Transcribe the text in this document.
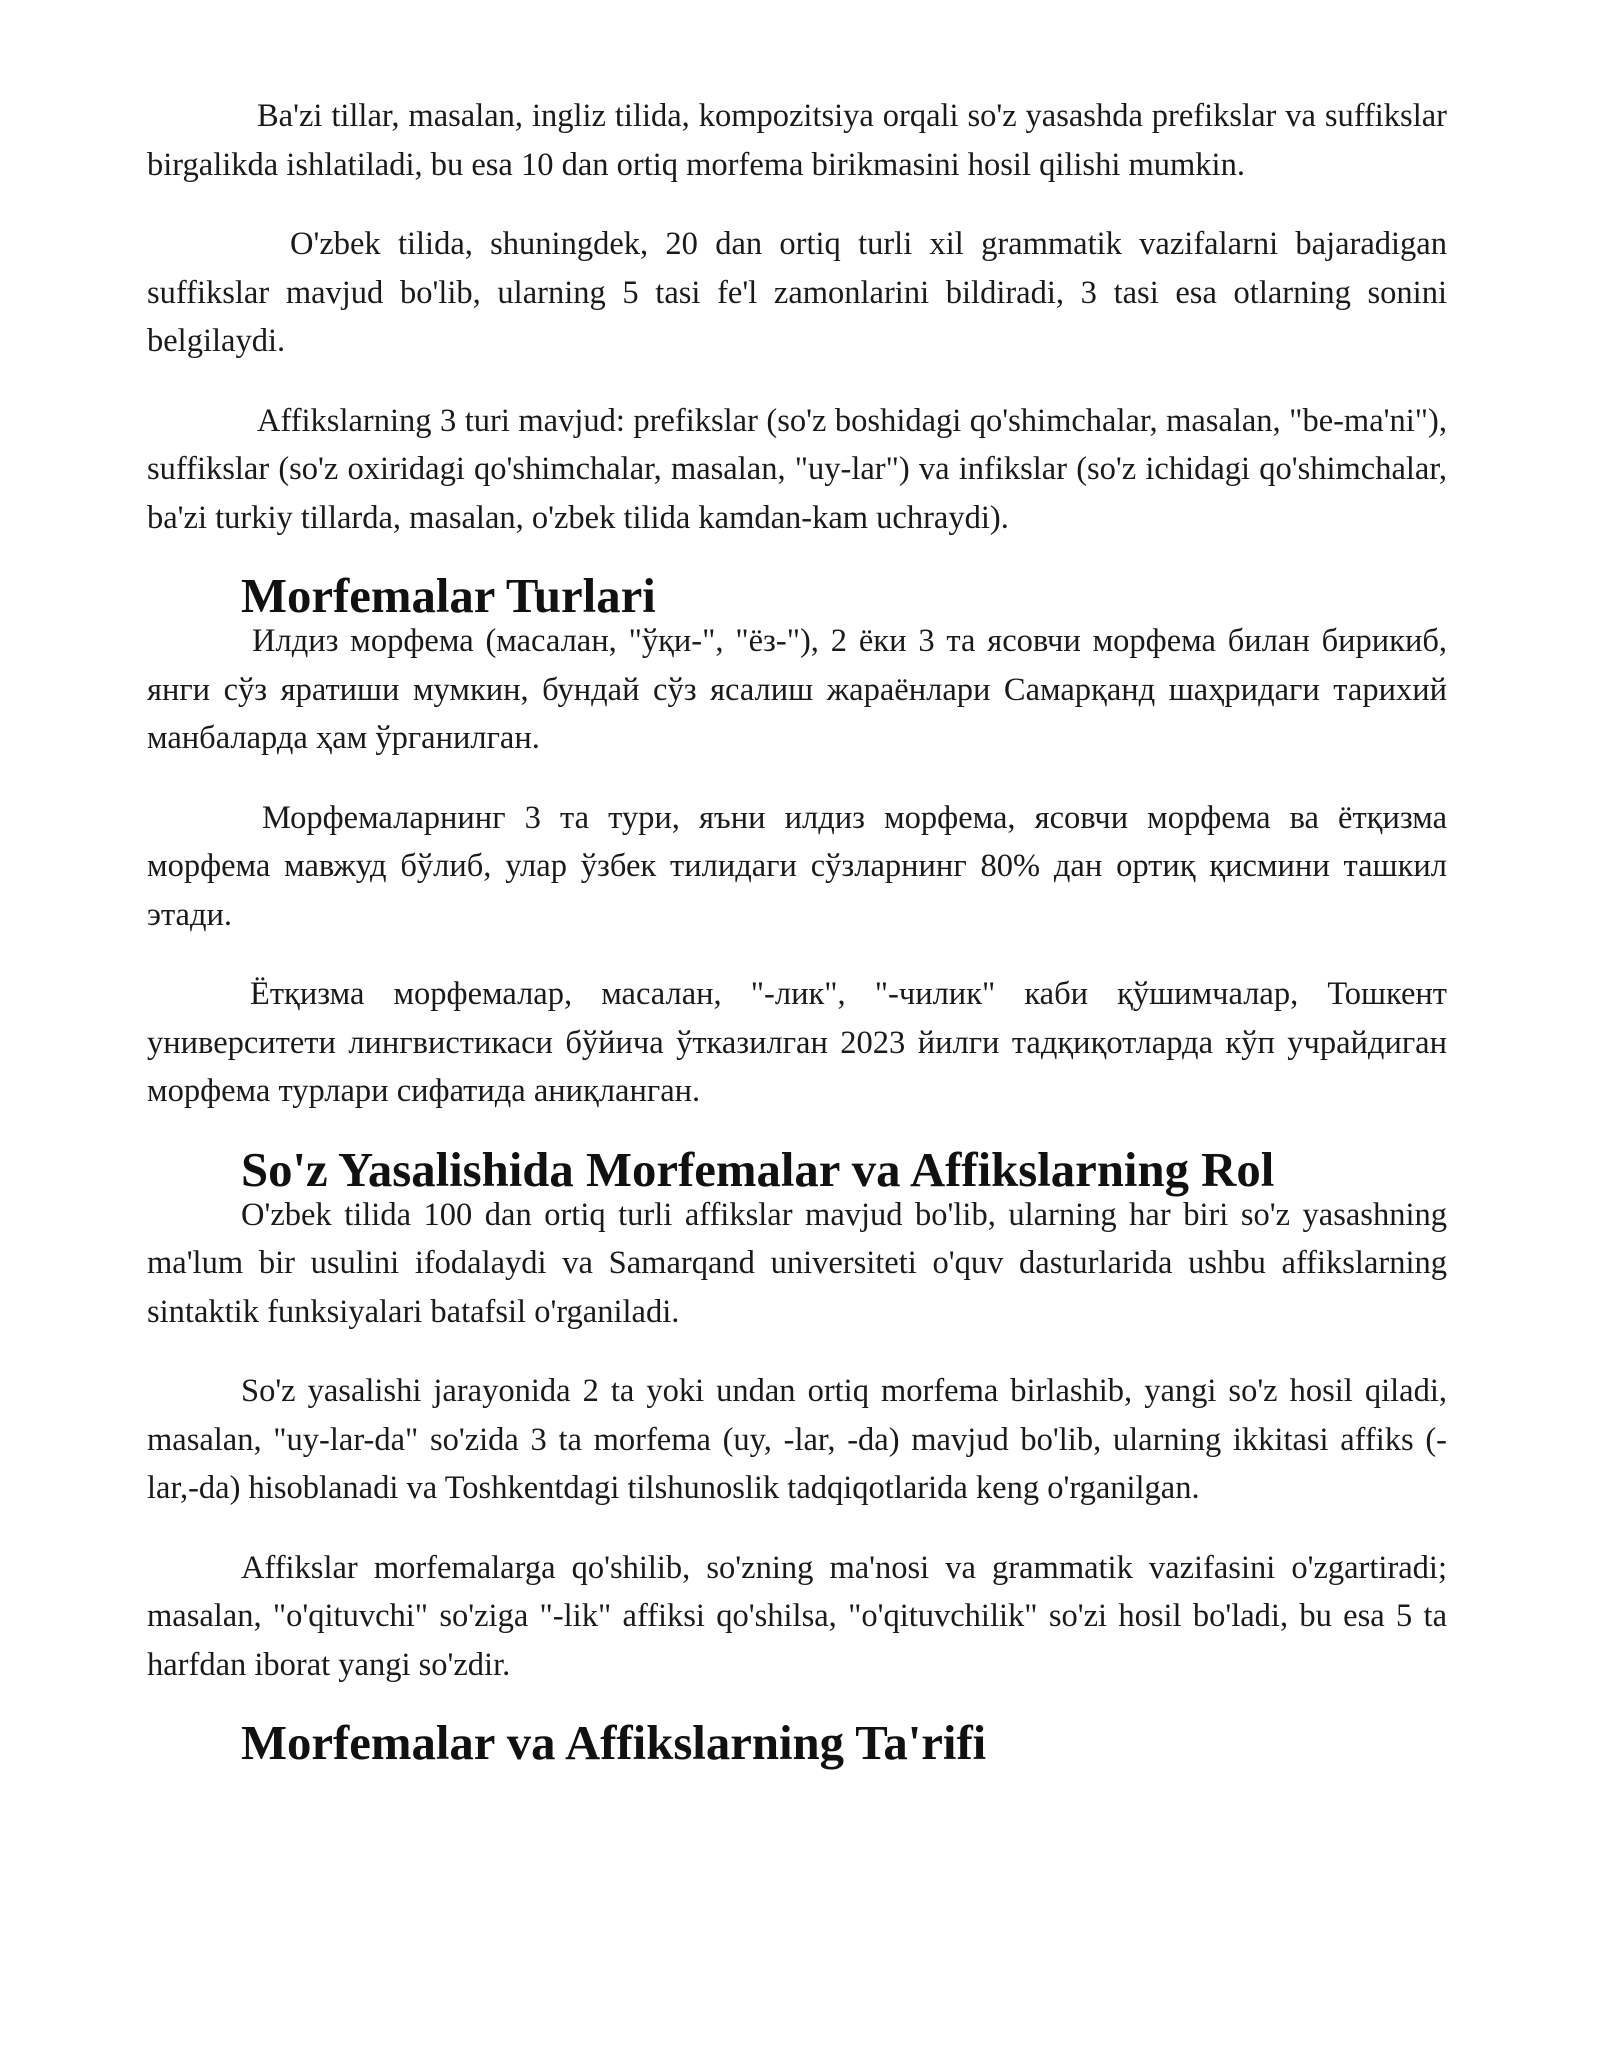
Ba'zi tillar, masalan, ingliz tilida, kompozitsiya orqali so'z yasashda prefikslar va suffikslar birgalikda ishlatiladi, bu esa 10 dan ortiq morfema birikmasini hosil qilishi mumkin.

O'zbek tilida, shuningdek, 20 dan ortiq turli xil grammatik vazifalarni bajaradigan suffikslar mavjud bo'lib, ularning 5 tasi fe'l zamonlarini bildiradi, 3 tasi esa otlarning sonini belgilaydi.

Affikslarning 3 turi mavjud: prefikslar (so'z boshidagi qo'shimchalar, masalan, "be-ma'ni"), suffikslar (so'z oxiridagi qo'shimchalar, masalan, "uy-lar") va infikslar (so'z ichidagi qo'shimchalar, ba'zi turkiy tillarda, masalan, o'zbek tilida kamdan-kam uchraydi).

Morfemalar Turlari

Илдиз морфема (масалан, "ўқи-", "ёз-"), 2 ёки 3 та ясовчи морфема билан бирикиб, янги сўз яратиши мумкин, бундай сўз ясалиш жараёнлари Самарқанд шаҳридаги тарихий манбаларда ҳам ўрганилган.

Морфемаларнинг 3 та тури, яъни илдиз морфема, ясовчи морфема ва ётқизма морфема мавжуд бўлиб, улар ўзбек тилидаги сўзларнинг 80% дан ортиқ қисмини ташкил этади.

Ётқизма морфемалар, масалан, "-лик", "-чилик" каби қўшимчалар, Тошкент университети лингвистикаси бўйича ўтказилган 2023 йилги тадқиқотларда кўп учрайдиган морфема турлари сифатида аниқланган.

So'z Yasalishida Morfemalar va Affikslarning Rol

O'zbek tilida 100 dan ortiq turli affikslar mavjud bo'lib, ularning har biri so'z yasashning ma'lum bir usulini ifodalaydi va Samarqand universiteti o'quv dasturlarida ushbu affikslarning sintaktik funksiyalari batafsil o'rganiladi.

So'z yasalishi jarayonida 2 ta yoki undan ortiq morfema birlashib, yangi so'z hosil qiladi, masalan, "uy-lar-da" so'zida 3 ta morfema (uy, -lar, -da) mavjud bo'lib, ularning ikkitasi affiks (-lar,-da) hisoblanadi va Toshkentdagi tilshunoslik tadqiqotlarida keng o'rganilgan.

Affikslar morfemalarga qo'shilib, so'zning ma'nosi va grammatik vazifasini o'zgartiradi; masalan, "o'qituvchi" so'ziga "-lik" affiksi qo'shilsa, "o'qituvchilik" so'zi hosil bo'ladi, bu esa 5 ta harfdan iborat yangi so'zdir.

Morfemalar va Affikslarning Ta'rifi
